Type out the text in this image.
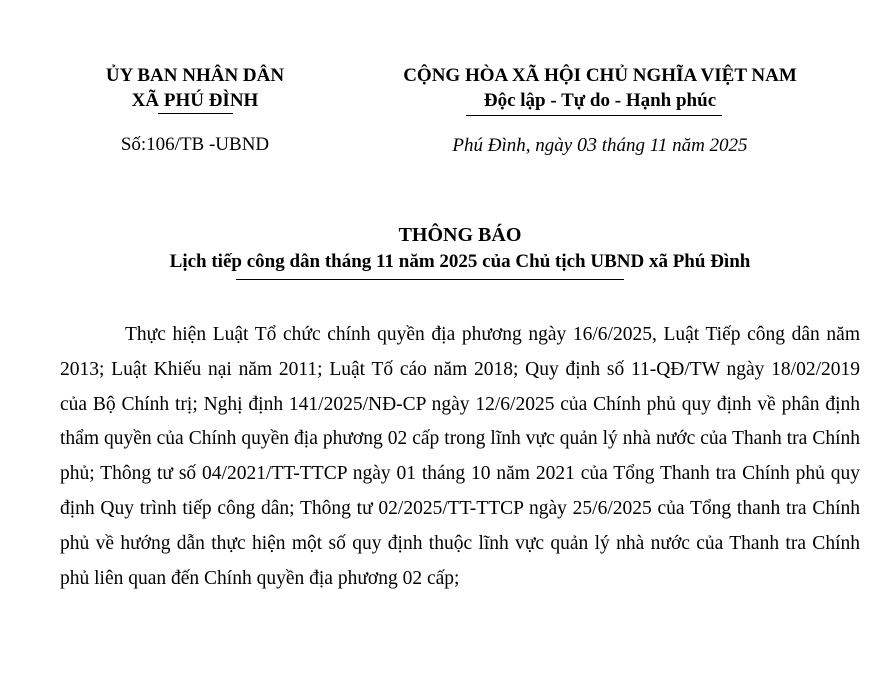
ỦY BAN NHÂN DÂN
XÃ PHÚ ĐÌNH
CỘNG HÒA XÃ HỘI CHỦ NGHĨA VIỆT NAM
Độc lập - Tự do - Hạnh phúc
Số:106/TB -UBND	Phú Đình, ngày 03 tháng 11 năm 2025
THÔNG BÁO
Lịch tiếp công dân tháng 11 năm 2025 của Chủ tịch UBND xã Phú Đình

Thực hiện Luật Tổ chức chính quyền địa phương ngày 16/6/2025, Luật Tiếp công dân năm 2013; Luật Khiếu nại năm 2011; Luật Tố cáo năm 2018; Quy định số 11-QĐ/TW ngày 18/02/2019 của Bộ Chính trị; Nghị định 141/2025/NĐ-CP ngày 12/6/2025 của Chính phủ quy định về phân định thẩm quyền của Chính quyền địa phương 02 cấp trong lĩnh vực quản lý nhà nước của Thanh tra Chính phủ; Thông tư số 04/2021/TT-TTCP ngày 01 tháng 10 năm 2021 của Tổng Thanh tra Chính phủ quy định Quy trình tiếp công dân; Thông tư 02/2025/TT-TTCP ngày 25/6/2025 của Tổng thanh tra Chính phủ về hướng dẫn thực hiện một số quy định thuộc lĩnh vực quản lý nhà nước của Thanh tra Chính phủ liên quan đến Chính quyền địa phương 02 cấp;
